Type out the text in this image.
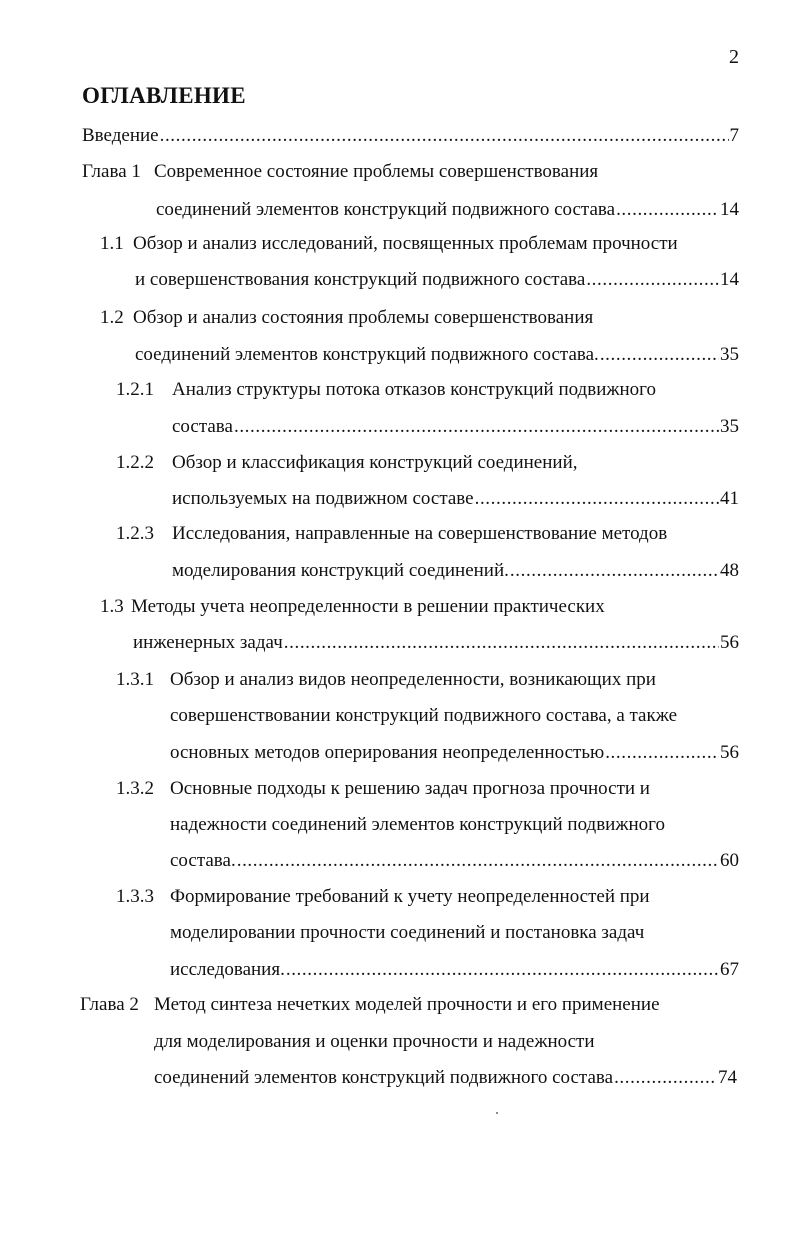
2
ОГЛАВЛЕНИЕ
Введение .....	7
Глава 1 Современное состояние проблемы совершенствования
соединений элементов конструкций подвижного состава .....	14
1.1 Обзор и анализ исследований, посвященных проблемам прочности
и совершенствования конструкций подвижного состава .....	14
1.2 Обзор и анализ состояния проблемы совершенствования
соединений элементов конструкций подвижного состава. .....	35
1.2.1 Анализ структуры потока отказов конструкций подвижного
состава .....	35
1.2.2 Обзор и классификация конструкций соединений,
используемых на подвижном составе .....	41
1.2.3 Исследования, направленные на совершенствование методов
моделирования конструкций соединений. .....	48
1.3 Методы учета неопределенности в решении практических
инженерных задач .....	56
1.3.1 Обзор и анализ видов неопределенности, возникающих при
совершенствовании конструкций подвижного состава, а также
основных методов оперирования неопределенностью .....	56
1.3.2 Основные подходы к решению задач прогноза прочности и
надежности соединений элементов конструкций подвижного
состава. .....	60
1.3.3 Формирование требований к учету неопределенностей при
моделировании прочности соединений и постановка задач
исследования. .....	67
Глава 2 Метод синтеза нечетких моделей прочности и его применение
для моделирования и оценки прочности и надежности
соединений элементов конструкций подвижного состава .....	74
